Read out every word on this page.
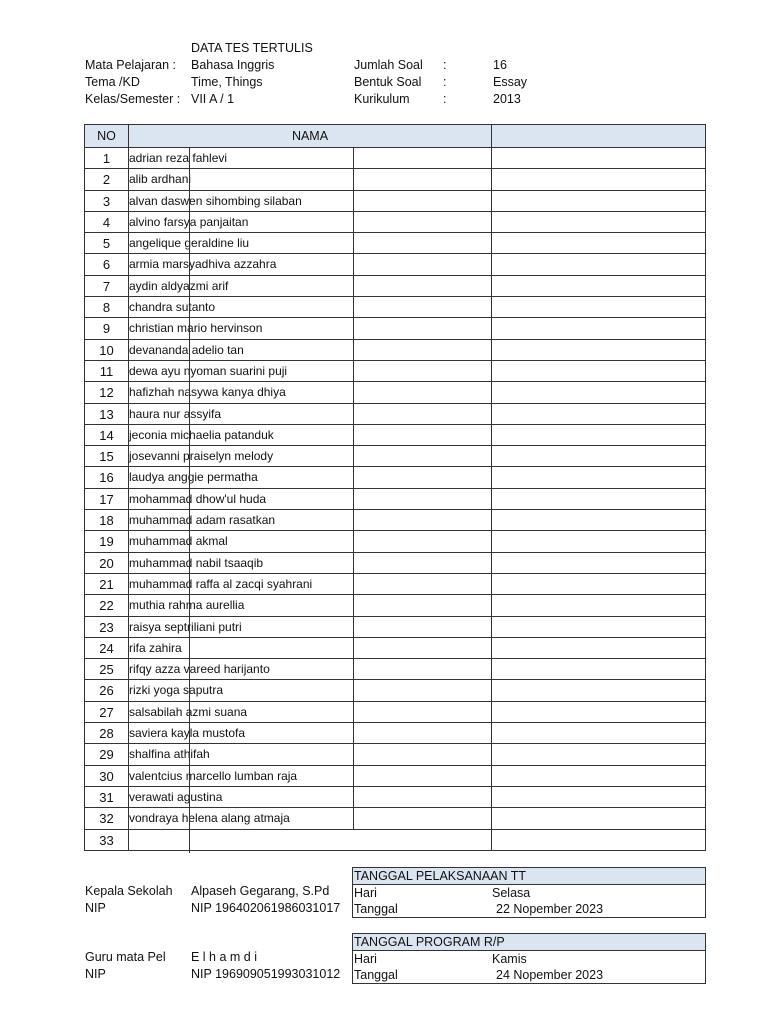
DATA TES TERTULIS
Mata Pelajaran : Bahasa Inggris	Jumlah Soal :	16
Tema /KD	Time, Things	Bentuk Soal :	Essay
Kelas/Semester : VII A / 1	Kurikulum	:	2013
NO	NAMA
1	adrian reza fahlevi
2	alib ardhani
3	alvan daswen sihombing silaban
4	alvino farsya panjaitan
5	angelique geraldine liu
6	armia marsyadhiva azzahra
7	aydin aldyazmi arif
8	chandra sutanto
9	christian mario hervinson
10	devananda adelio tan
11	dewa ayu nyoman suarini puji
12	hafizhah nasywa kanya dhiya
13	haura nur assyifa
14	jeconia michaelia patanduk
15	josevanni praiselyn melody
16	laudya anggie permatha
17	mohammad dhow'ul huda
18	muhammad adam rasatkan
19	muhammad akmal
20	muhammad nabil tsaaqib
21	muhammad raffa al zacqi syahrani
22	muthia rahma aurellia
23	raisya septriliani putri
24	rifa zahira
25	rifqy azza vareed harijanto
26	rizki yoga saputra
27	salsabilah azmi suana
28	saviera kayla mustofa
29	shalfina athifah
30	valentcius marcello lumban raja
31	verawati agustina
32	vondraya helena alang atmaja
33
Kepala Sekolah Alpaseh Gegarang, S.Pd
NIP	NIP 196402061986031017
TANGGAL PELAKSANAAN TT
Hari	Selasa
Tanggal	22 Nopember 2023
Guru mata Pel E l h a m d i
NIP	NIP 196909051993031012
TANGGAL PROGRAM R/P
Hari	Kamis
Tanggal	24 Nopember 2023
